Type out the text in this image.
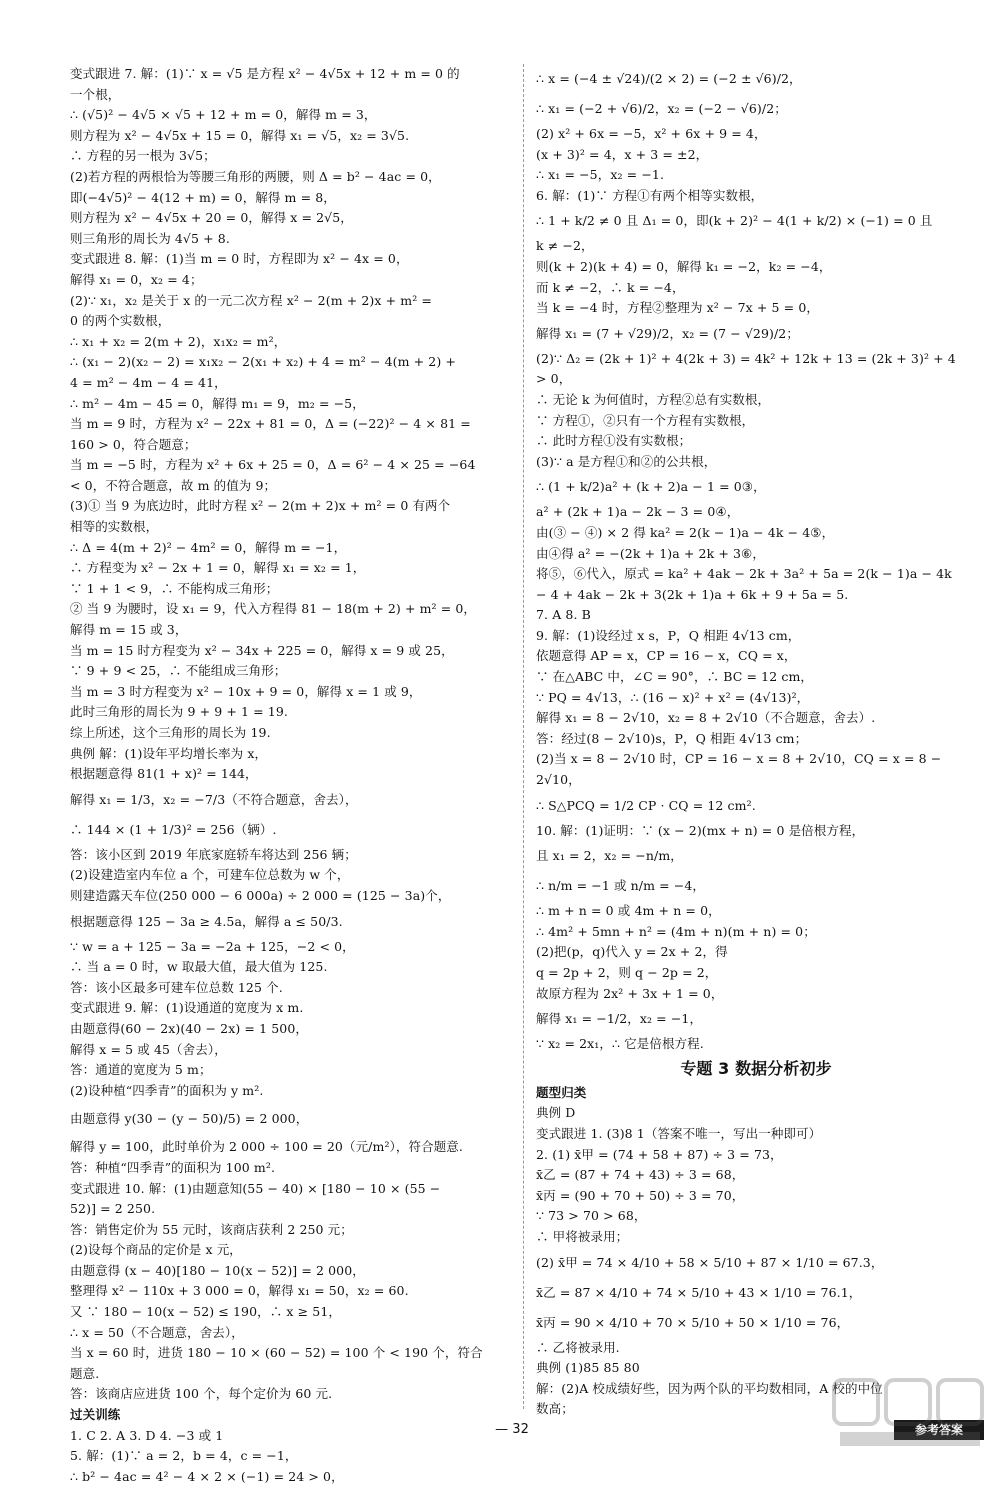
变式跟进 7. 解：(1)∵ x = √5 是方程 x² − 4√5x + 12 + m = 0 的
一个根，
∴ (√5)² − 4√5 × √5 + 12 + m = 0，解得 m = 3，
则方程为 x² − 4√5x + 15 = 0，解得 x₁ = √5，x₂ = 3√5.
∴ 方程的另一根为 3√5；
(2)若方程的两根恰为等腰三角形的两腰，则 Δ = b² − 4ac = 0，
即(−4√5)² − 4(12 + m) = 0，解得 m = 8，
则方程为 x² − 4√5x + 20 = 0，解得 x = 2√5，
则三角形的周长为 4√5 + 8.
变式跟进 8. 解：(1)当 m = 0 时，方程即为 x² − 4x = 0，
解得 x₁ = 0，x₂ = 4；
(2)∵ x₁，x₂ 是关于 x 的一元二次方程 x² − 2(m + 2)x + m² =
0 的两个实数根，
∴ x₁ + x₂ = 2(m + 2)，x₁x₂ = m²，
∴ (x₁ − 2)(x₂ − 2) = x₁x₂ − 2(x₁ + x₂) + 4 = m² − 4(m + 2) +
4 = m² − 4m − 4 = 41，
∴ m² − 4m − 45 = 0，解得 m₁ = 9，m₂ = −5，
当 m = 9 时，方程为 x² − 22x + 81 = 0，Δ = (−22)² − 4 × 81 =
160 > 0，符合题意；
当 m = −5 时，方程为 x² + 6x + 25 = 0，Δ = 6² − 4 × 25 = −64
< 0，不符合题意，故 m 的值为 9；
(3)① 当 9 为底边时，此时方程 x² − 2(m + 2)x + m² = 0 有两个
相等的实数根，
∴ Δ = 4(m + 2)² − 4m² = 0，解得 m = −1，
∴ 方程变为 x² − 2x + 1 = 0，解得 x₁ = x₂ = 1，
∵ 1 + 1 < 9，∴ 不能构成三角形；
② 当 9 为腰时，设 x₁ = 9，代入方程得 81 − 18(m + 2) + m² = 0，
解得 m = 15 或 3，
当 m = 15 时方程变为 x² − 34x + 225 = 0，解得 x = 9 或 25，
∵ 9 + 9 < 25，∴ 不能组成三角形；
当 m = 3 时方程变为 x² − 10x + 9 = 0，解得 x = 1 或 9，
此时三角形的周长为 9 + 9 + 1 = 19.
综上所述，这个三角形的周长为 19.
典例 解：(1)设年平均增长率为 x，
根据题意得 81(1 + x)² = 144，
解得 x₁ = 1/3，x₂ = −7/3（不符合题意，舍去），
∴ 144 × (1 + 1/3)² = 256（辆）.
答：该小区到 2019 年底家庭轿车将达到 256 辆；
(2)设建造室内车位 a 个，可建车位总数为 w 个，
则建造露天车位(250 000 − 6 000a) ÷ 2 000 = (125 − 3a)个，
根据题意得 125 − 3a ≥ 4.5a，解得 a ≤ 50/3.
∵ w = a + 125 − 3a = −2a + 125，−2 < 0，
∴ 当 a = 0 时，w 取最大值，最大值为 125.
答：该小区最多可建车位总数 125 个.
变式跟进 9. 解：(1)设通道的宽度为 x m.
由题意得(60 − 2x)(40 − 2x) = 1 500，
解得 x = 5 或 45（舍去），
答：通道的宽度为 5 m；
(2)设种植“四季青”的面积为 y m².
由题意得 y(30 − (y − 50)/5) = 2 000，
解得 y = 100，此时单价为 2 000 ÷ 100 = 20（元/m²），符合题意.
答：种植“四季青”的面积为 100 m².
变式跟进 10. 解：(1)由题意知(55 − 40) × [180 − 10 × (55 −
52)] = 2 250.
答：销售定价为 55 元时，该商店获利 2 250 元；
(2)设每个商品的定价是 x 元，
由题意得 (x − 40)[180 − 10(x − 52)] = 2 000，
整理得 x² − 110x + 3 000 = 0，解得 x₁ = 50，x₂ = 60.
又 ∵ 180 − 10(x − 52) ≤ 190，∴ x ≥ 51，
∴ x = 50（不合题意，舍去），
当 x = 60 时，进货 180 − 10 × (60 − 52) = 100 个 < 190 个，符合
题意.
答：该商店应进货 100 个，每个定价为 60 元.
过关训练
1. C 2. A 3. D 4. −3 或 1
5. 解：(1)∵ a = 2，b = 4，c = −1，
∴ b² − 4ac = 4² − 4 × 2 × (−1) = 24 > 0，
∴ x = (−4 ± √24)/(2 × 2) = (−2 ± √6)/2，
∴ x₁ = (−2 + √6)/2，x₂ = (−2 − √6)/2；
(2) x² + 6x = −5，x² + 6x + 9 = 4，
(x + 3)² = 4，x + 3 = ±2，
∴ x₁ = −5，x₂ = −1.
6. 解：(1)∵ 方程①有两个相等实数根，
∴ 1 + k/2 ≠ 0 且 Δ₁ = 0，即(k + 2)² − 4(1 + k/2) × (−1) = 0 且
k ≠ −2，
则(k + 2)(k + 4) = 0，解得 k₁ = −2，k₂ = −4，
而 k ≠ −2，∴ k = −4，
当 k = −4 时，方程②整理为 x² − 7x + 5 = 0，
解得 x₁ = (7 + √29)/2，x₂ = (7 − √29)/2；
(2)∵ Δ₂ = (2k + 1)² + 4(2k + 3) = 4k² + 12k + 13 = (2k + 3)² + 4
> 0，
∴ 无论 k 为何值时，方程②总有实数根，
∵ 方程①，②只有一个方程有实数根，
∴ 此时方程①没有实数根；
(3)∵ a 是方程①和②的公共根，
∴ (1 + k/2)a² + (k + 2)a − 1 = 0③，
a² + (2k + 1)a − 2k − 3 = 0④，
由(③ − ④) × 2 得 ka² = 2(k − 1)a − 4k − 4⑤，
由④得 a² = −(2k + 1)a + 2k + 3⑥，
将⑤，⑥代入，原式 = ka² + 4ak − 2k + 3a² + 5a = 2(k − 1)a − 4k
− 4 + 4ak − 2k + 3(2k + 1)a + 6k + 9 + 5a = 5.
7. A 8. B
9. 解：(1)设经过 x s，P，Q 相距 4√13 cm，
依题意得 AP = x，CP = 16 − x，CQ = x，
∵ 在△ABC 中，∠C = 90°，∴ BC = 12 cm，
∵ PQ = 4√13，∴ (16 − x)² + x² = (4√13)²，
解得 x₁ = 8 − 2√10，x₂ = 8 + 2√10（不合题意，舍去）.
答：经过(8 − 2√10)s，P，Q 相距 4√13 cm；
(2)当 x = 8 − 2√10 时，CP = 16 − x = 8 + 2√10，CQ = x = 8 −
2√10，
∴ S△PCQ = 1/2 CP · CQ = 12 cm².
10. 解：(1)证明：∵ (x − 2)(mx + n) = 0 是倍根方程，
且 x₁ = 2，x₂ = −n/m，
∴ n/m = −1 或 n/m = −4，
∴ m + n = 0 或 4m + n = 0，
∴ 4m² + 5mn + n² = (4m + n)(m + n) = 0；
(2)把(p，q)代入 y = 2x + 2，得
q = 2p + 2，则 q − 2p = 2，
故原方程为 2x² + 3x + 1 = 0，
解得 x₁ = −1/2，x₂ = −1，
∵ x₂ = 2x₁，∴ 它是倍根方程.
专题 3 数据分析初步
题型归类
典例 D
变式跟进 1. (3)8 1（答案不唯一，写出一种即可）
2. (1) x̄甲 = (74 + 58 + 87) ÷ 3 = 73，
x̄乙 = (87 + 74 + 43) ÷ 3 = 68，
x̄丙 = (90 + 70 + 50) ÷ 3 = 70，
∵ 73 > 70 > 68，
∴ 甲将被录用；
(2) x̄甲 = 74 × 4/10 + 58 × 5/10 + 87 × 1/10 = 67.3，
x̄乙 = 87 × 4/10 + 74 × 5/10 + 43 × 1/10 = 76.1，
x̄丙 = 90 × 4/10 + 70 × 5/10 + 50 × 1/10 = 76，
∴ 乙将被录用.
典例 (1)85 85 80
解：(2)A 校成绩好些，因为两个队的平均数相同，A 校的中位
数高；
— 32	参考答案
